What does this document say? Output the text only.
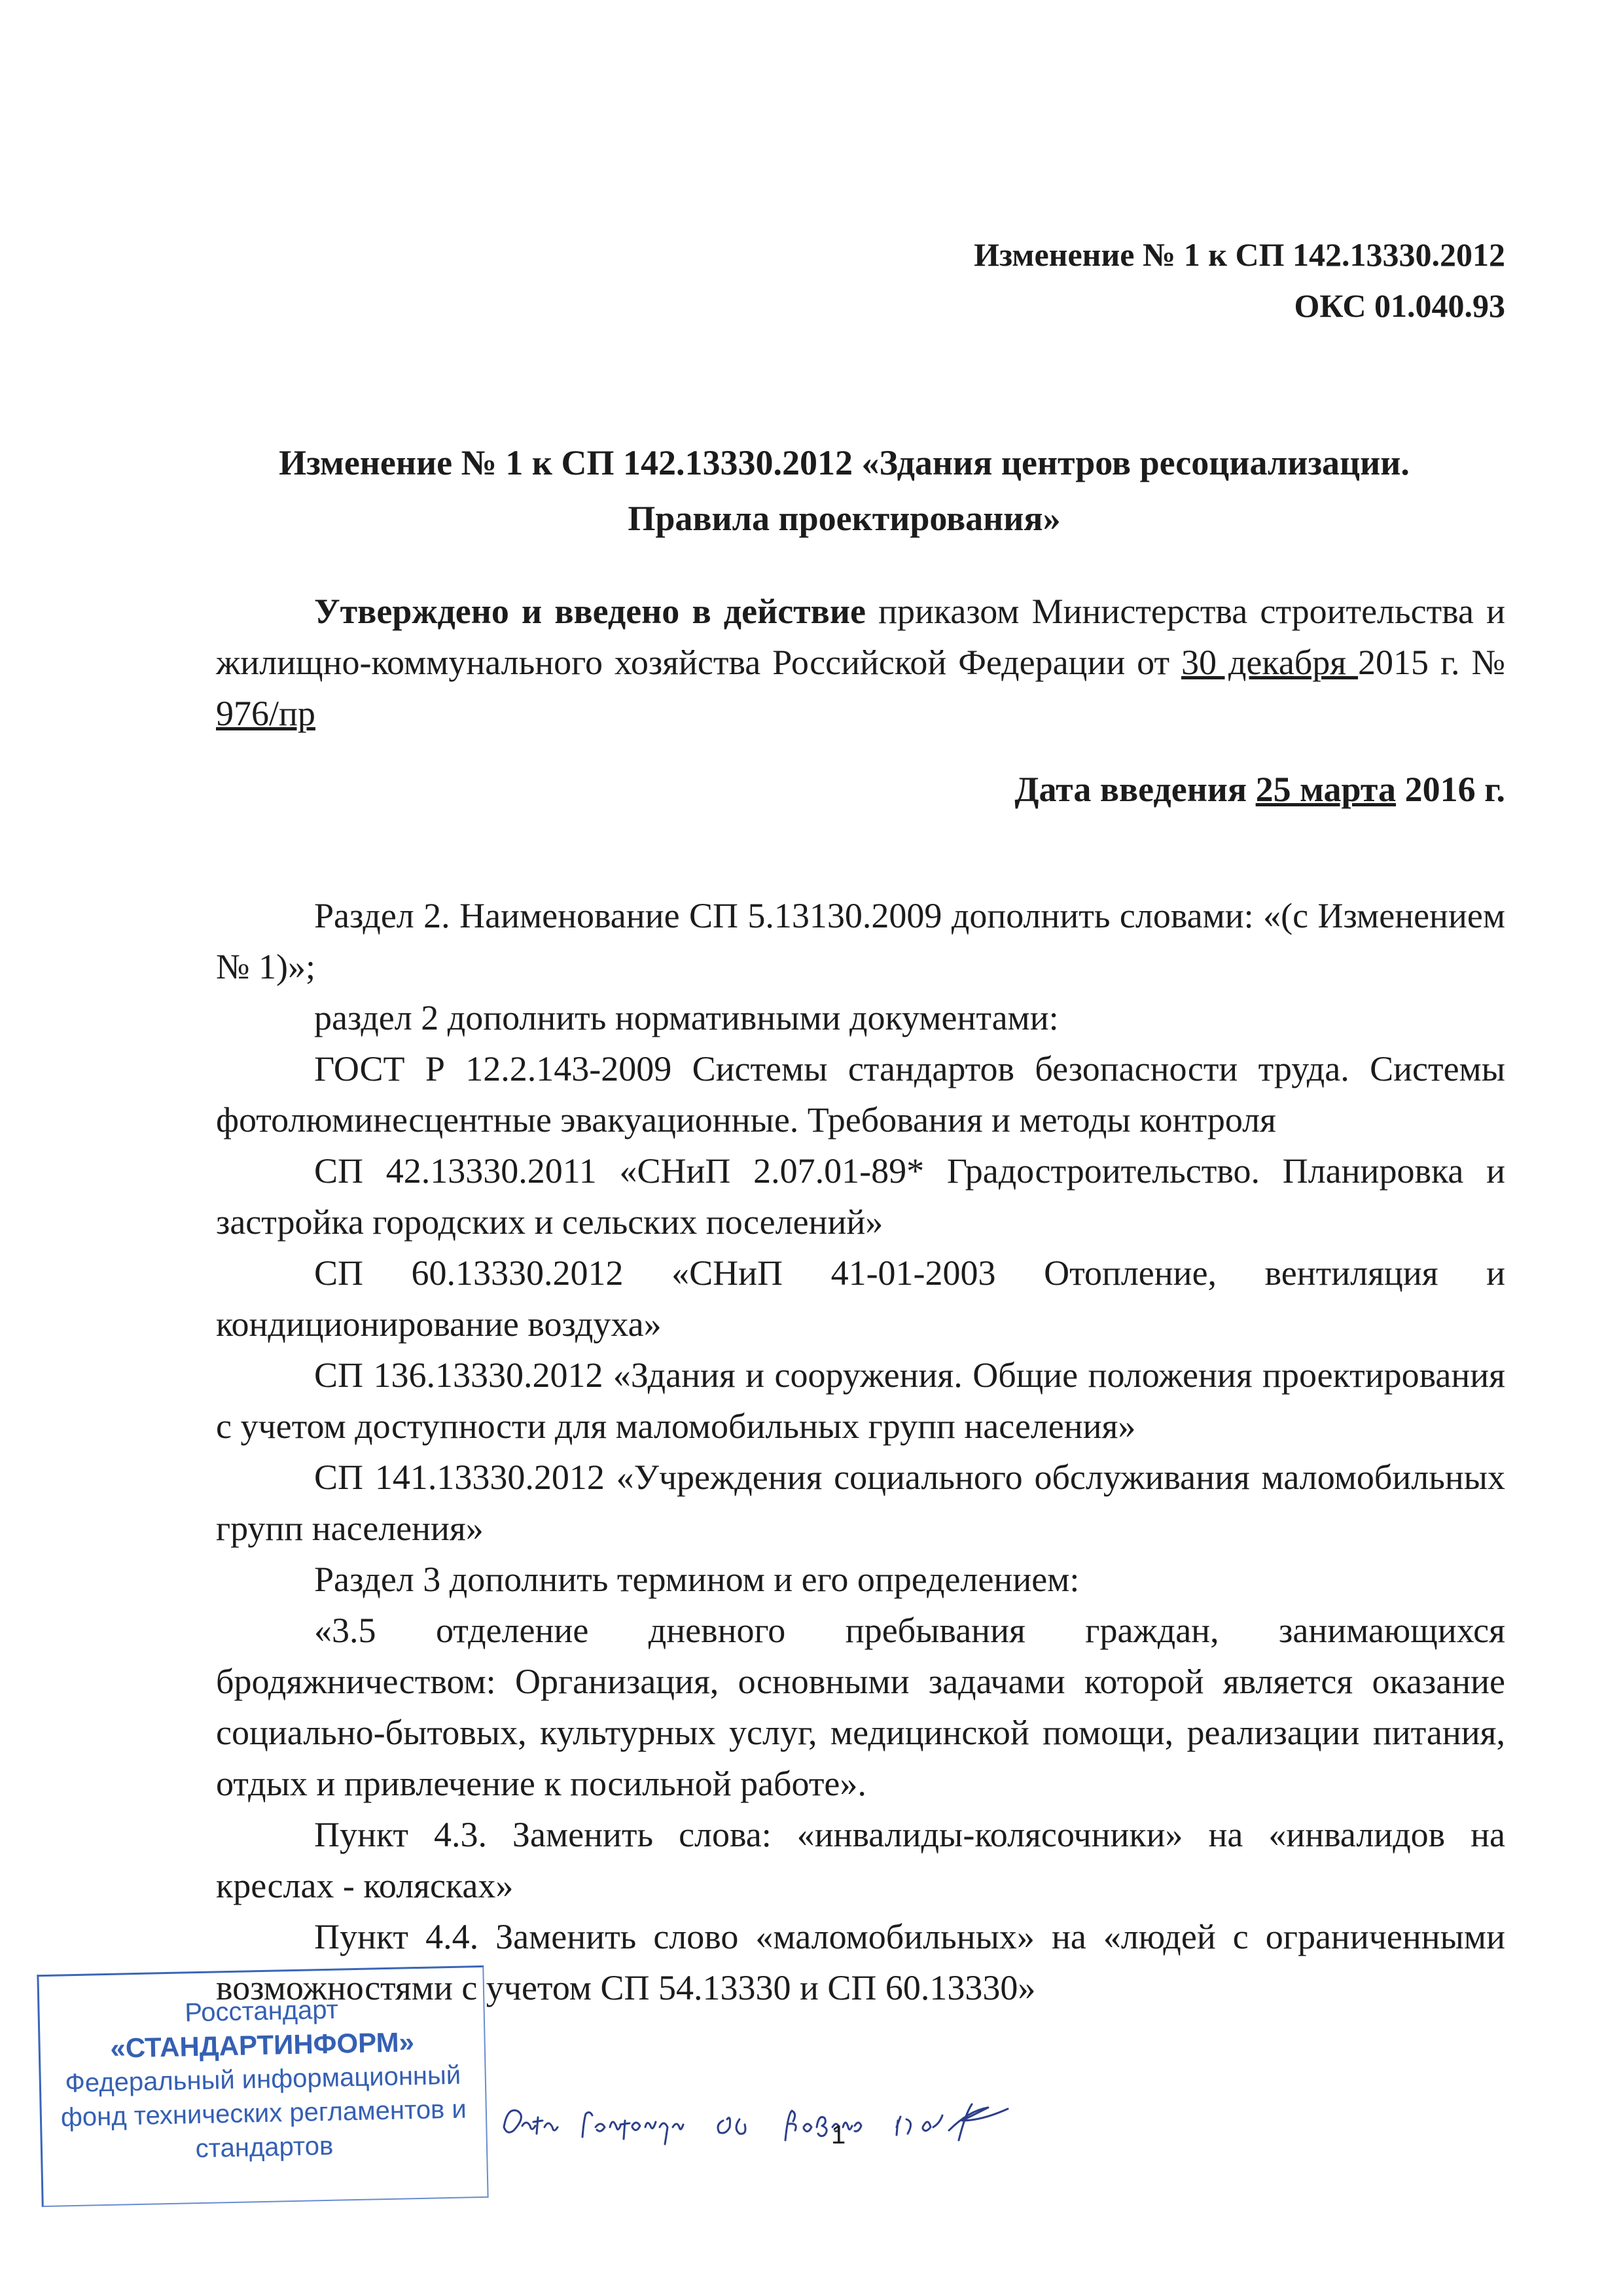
Изменение № 1 к СП 142.13330.2012
ОКС 01.040.93
Изменение № 1 к СП 142.13330.2012 «Здания центров ресоциализации.
Правила проектирования»
Утверждено и введено в действие приказом Министерства строительства и жилищно-коммунального хозяйства Российской Федерации от 30 декабря 2015 г. № 976/пр
Дата введения 25 марта 2016 г.
Раздел 2. Наименование СП 5.13130.2009 дополнить словами: «(с Изменением № 1)»;
раздел 2 дополнить нормативными документами:
ГОСТ Р 12.2.143-2009 Системы стандартов безопасности труда. Системы фотолюминесцентные эвакуационные. Требования и методы контроля
СП 42.13330.2011 «СНиП 2.07.01-89* Градостроительство. Планировка и застройка городских и сельских поселений»
СП 60.13330.2012 «СНиП 41-01-2003 Отопление, вентиляция и кондиционирование воздуха»
СП 136.13330.2012 «Здания и сооружения. Общие положения проектирования с учетом доступности для маломобильных групп населения»
СП 141.13330.2012 «Учреждения социального обслуживания маломобильных групп населения»
Раздел 3 дополнить термином и его определением:
«3.5 отделение дневного пребывания граждан, занимающихся бродяжничеством: Организация, основными задачами которой является оказание социально-бытовых, культурных услуг, медицинской помощи, реализации питания, отдых и привлечение к посильной работе».
Пункт 4.3. Заменить слова: «инвалиды-колясочники» на «инвалидов на креслах - колясках»
Пункт 4.4. Заменить слово «маломобильных» на «людей с ограниченными возможностями с учетом СП 54.13330 и СП 60.13330»
Росстандарт
«СТАНДАРТИНФОРМ»
Федеральный информационный
фонд технических регламентов и
стандартов	1
